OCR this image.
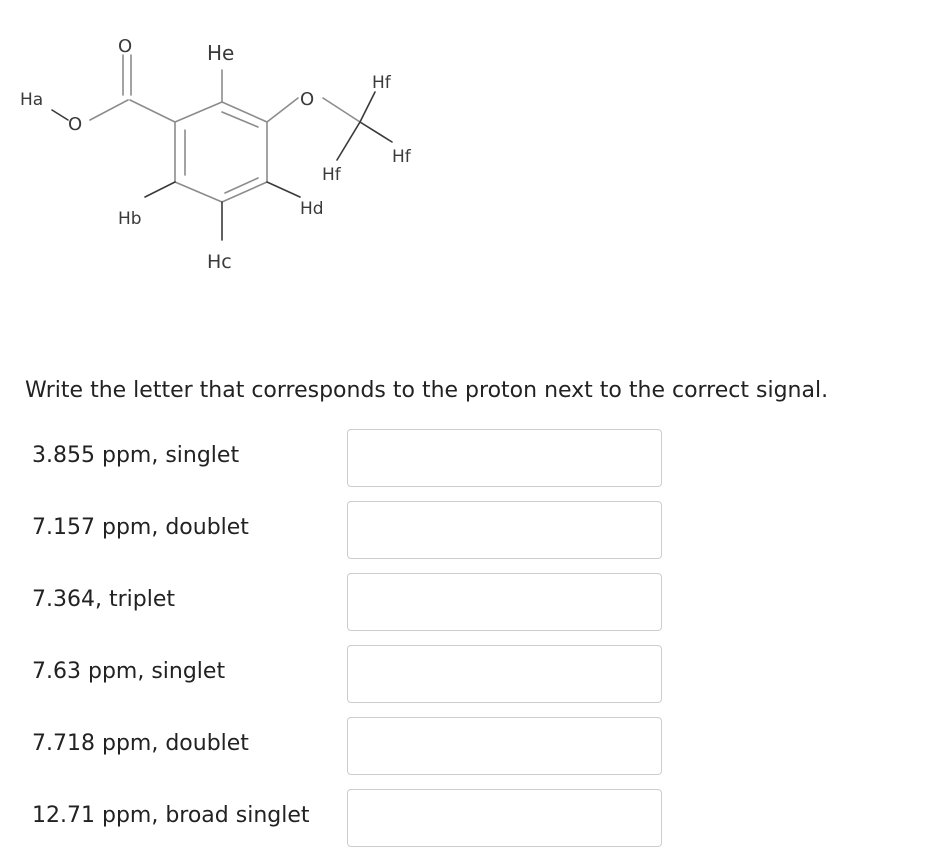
Ha
O
O	He
O
Hf
Hf
Hf
Hd
Hb
Hc
Write the letter that corresponds to the proton next to the correct signal.
3.855 ppm, singlet
7.157 ppm, doublet
7.364, triplet
7.63 ppm, singlet
7.718 ppm, doublet
12.71 ppm, broad singlet
